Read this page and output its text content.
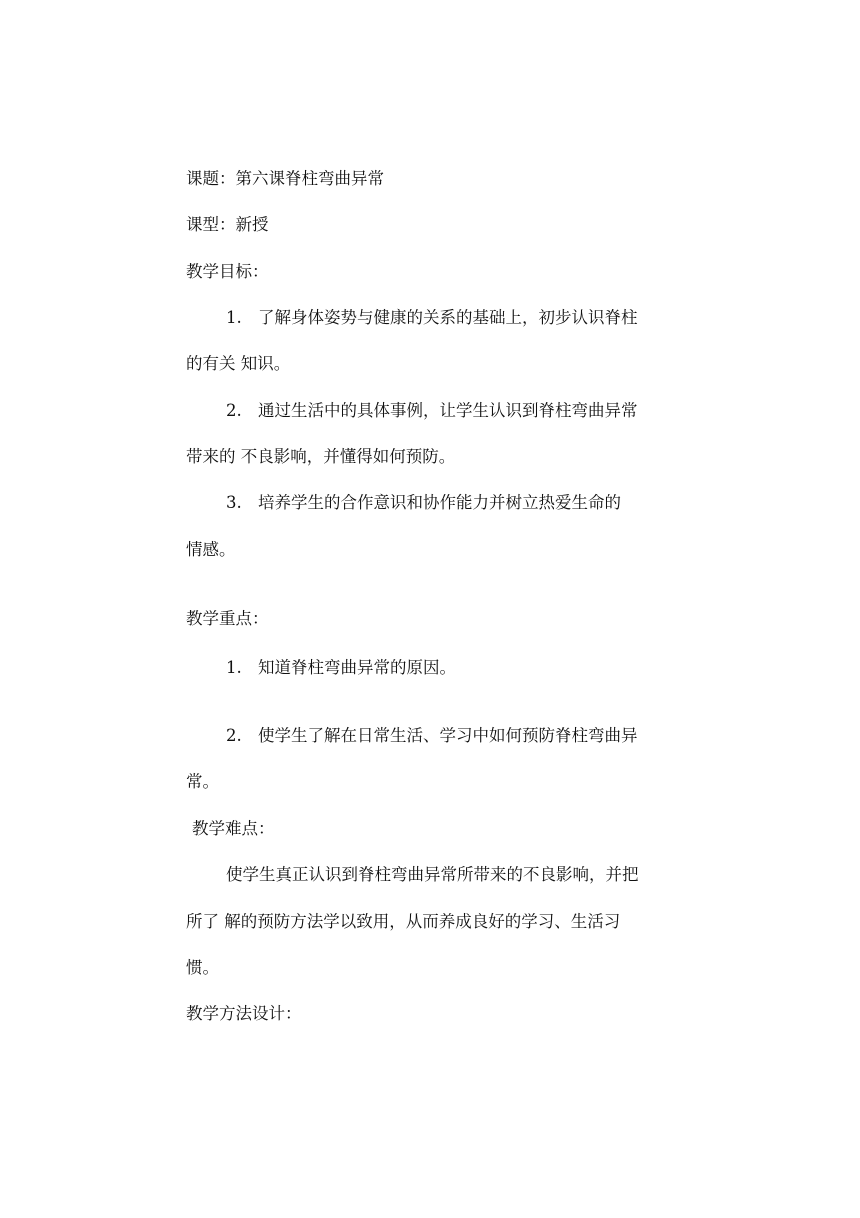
课题：第六课脊柱弯曲异常
课型：新授
教学目标：
1. 了解身体姿势与健康的关系的基础上，初步认识脊柱
的有关 知识。
2. 通过生活中的具体事例，让学生认识到脊柱弯曲异常
带来的 不良影响，并懂得如何预防。
3. 培养学生的合作意识和协作能力并树立热爱生命的
情感。
教学重点：
1. 知道脊柱弯曲异常的原因。
2. 使学生了解在日常生活、学习中如何预防脊柱弯曲异
常。
教学难点：
使学生真正认识到脊柱弯曲异常所带来的不良影响，并把
所了 解的预防方法学以致用，从而养成良好的学习、生活习
惯。
教学方法设计：
